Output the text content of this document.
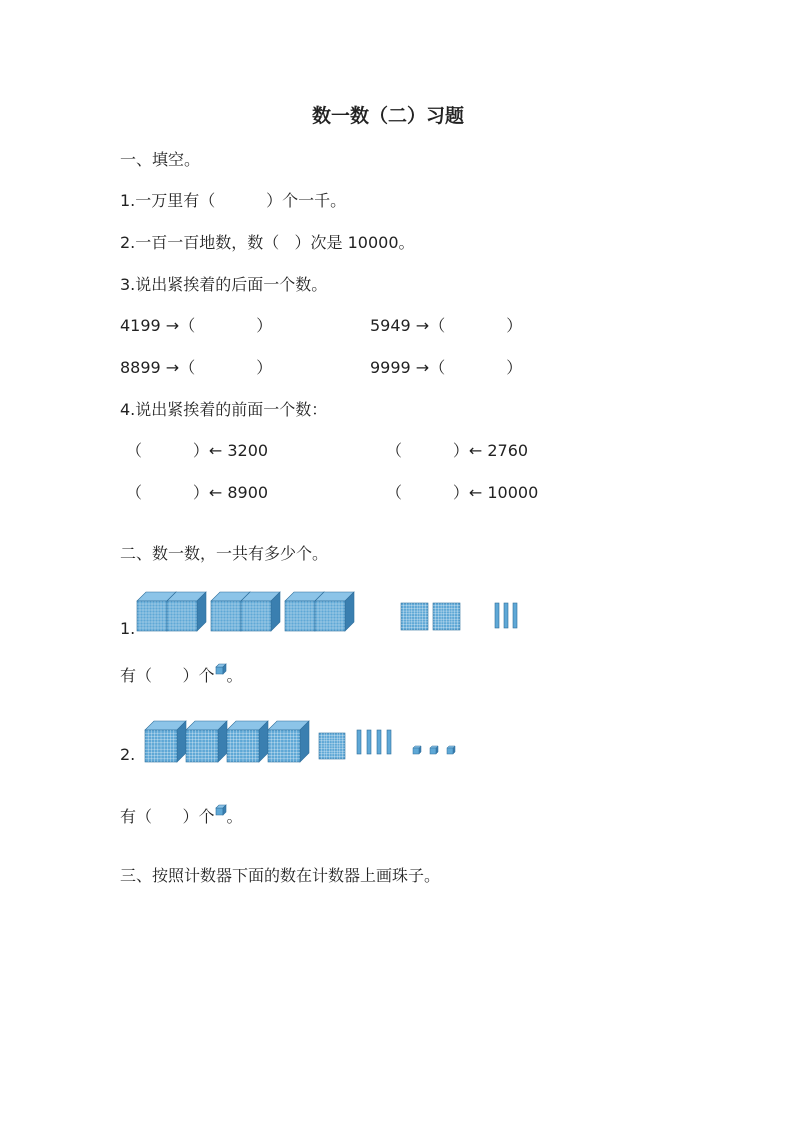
数一数（二）习题
一、填空。
1.一万里有（          ）个一千。
2.一百一百地数，数（   ）次是 10000。
3.说出紧挨着的后面一个数。
4199 →（            ）	5949 →（            ）
8899 →（            ）	9999 →（            ）
4.说出紧挨着的前面一个数：
（          ）← 3200	（          ）← 2760
（          ）← 8900	（          ）← 10000
二、数一数，一共有多少个。
1.
有（      ）个 。
2.
有（      ）个 。
三、按照计数器下面的数在计数器上画珠子。
